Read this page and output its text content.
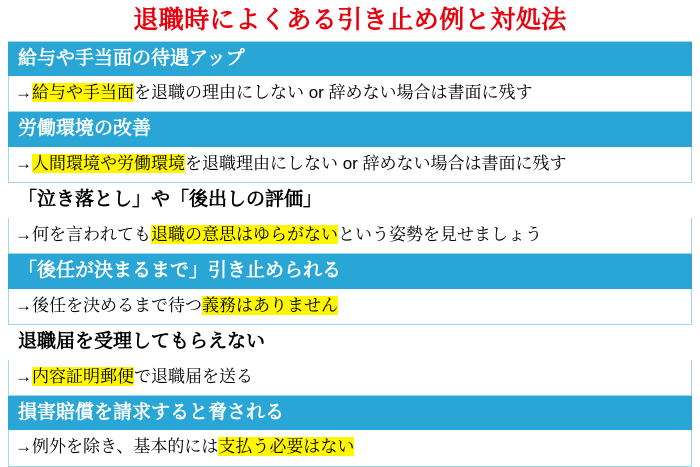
退職時によくある引き止め例と対処法
給与や手当面の待遇アップ
→給与や手当面を退職の理由にしない or 辞めない場合は書面に残す
労働環境の改善
→人間環境や労働環境を退職理由にしない or 辞めない場合は書面に残す
「泣き落とし」や「後出しの評価」
→何を言われても退職の意思はゆらがないという姿勢を見せましょう
「後任が決まるまで」引き止められる
→後任を決めるまで待つ義務はありません
退職届を受理してもらえない
→内容証明郵便で退職届を送る
損害賠償を請求すると脅される
→例外を除き、基本的には支払う必要はない
